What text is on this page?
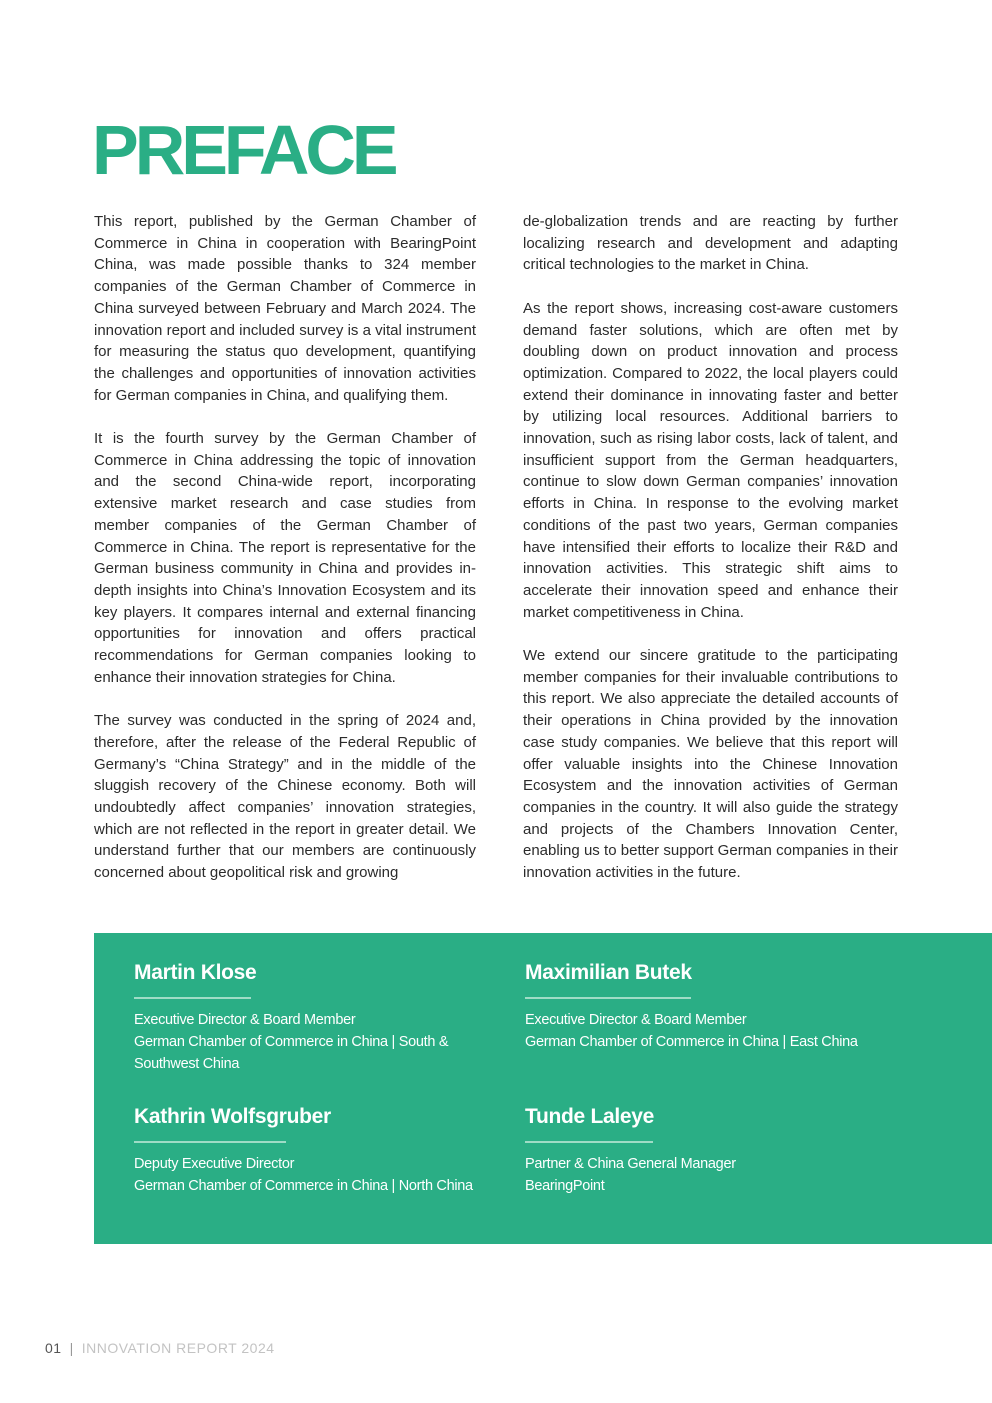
PREFACE

This report, published by the German Chamber of Commerce in China in cooperation with BearingPoint China, was made possible thanks to 324 member companies of the German Chamber of Commerce in China surveyed between February and March 2024. The innovation report and included survey is a vital instrument for measuring the status quo development, quantifying the challenges and opportunities of innovation activities for German companies in China, and qualifying them.

It is the fourth survey by the German Chamber of Commerce in China addressing the topic of innovation and the second China-wide report, incorporating extensive market research and case studies from member companies of the German Chamber of Commerce in China. The report is representative for the German business community in China and provides in-depth insights into China’s Innovation Ecosystem and its key players. It compares internal and external financing opportunities for innovation and offers practical recommendations for German companies looking to enhance their innovation strategies for China.

The survey was conducted in the spring of 2024 and, therefore, after the release of the Federal Republic of Germany’s “China Strategy” and in the middle of the sluggish recovery of the Chinese economy. Both will undoubtedly affect companies’ innovation strategies, which are not reflected in the report in greater detail. We understand further that our members are continuously concerned about geopolitical risk and growing

de-globalization trends and are reacting by further localizing research and development and adapting critical technologies to the market in China.

As the report shows, increasing cost-aware customers demand faster solutions, which are often met by doubling down on product innovation and process optimization. Compared to 2022, the local players could extend their dominance in innovating faster and better by utilizing local resources. Additional barriers to innovation, such as rising labor costs, lack of talent, and insufficient support from the German headquarters, continue to slow down German companies’ innovation efforts in China. In response to the evolving market conditions of the past two years, German companies have intensified their efforts to localize their R&D and innovation activities. This strategic shift aims to accelerate their innovation speed and enhance their market competitiveness in China.

We extend our sincere gratitude to the participating member companies for their invaluable contributions to this report. We also appreciate the detailed accounts of their operations in China provided by the innovation case study companies. We believe that this report will offer valuable insights into the Chinese Innovation Ecosystem and the innovation activities of German companies in the country. It will also guide the strategy and projects of the Chambers Innovation Center, enabling us to better support German companies in their innovation activities in the future.

Martin Klose
Executive Director & Board Member
German Chamber of Commerce in China | South & Southwest China
Maximilian Butek
Executive Director & Board Member
German Chamber of Commerce in China | East China
Kathrin Wolfsgruber
Deputy Executive Director
German Chamber of Commerce in China | North China
Tunde Laleye
Partner & China General Manager
BearingPoint
01 | INNOVATION REPORT 2024
